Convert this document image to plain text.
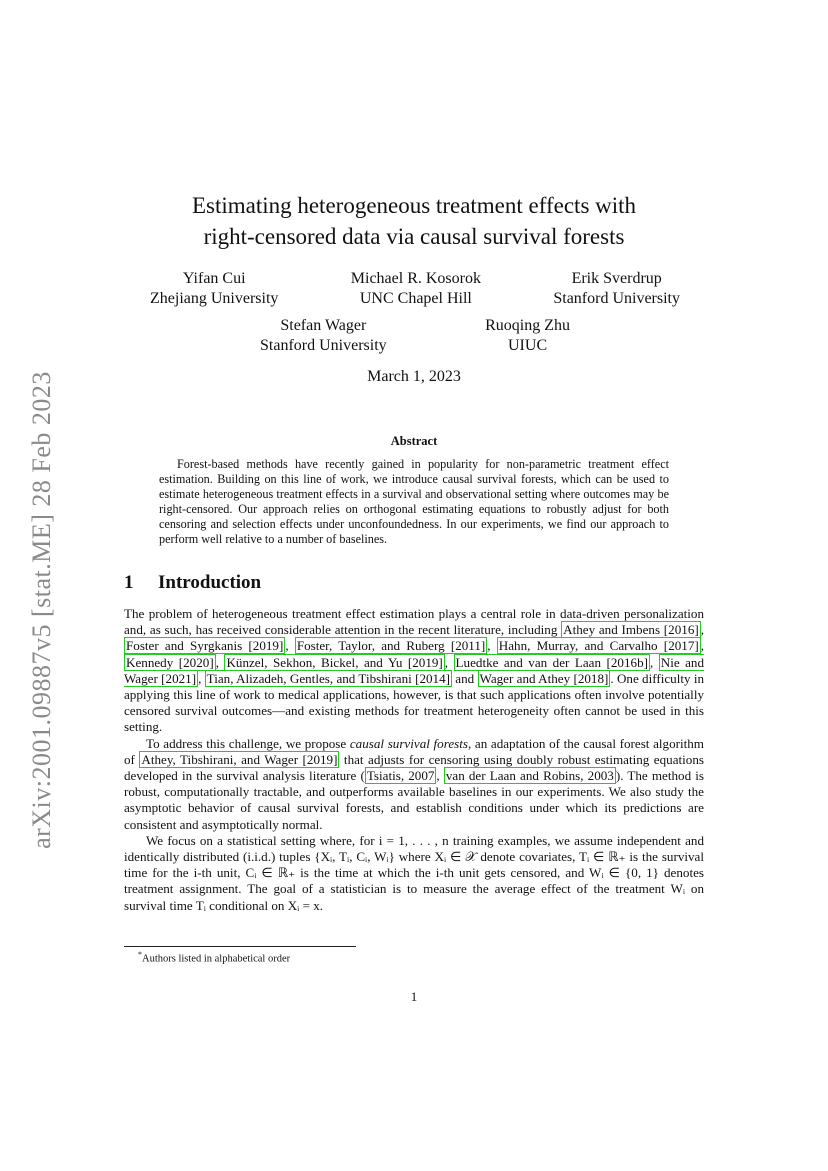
arXiv:2001.09887v5 [stat.ME] 28 Feb 2023
Estimating heterogeneous treatment effects with
right-censored data via causal survival forests
Yifan Cui
Zhejiang University
Michael R. Kosorok
UNC Chapel Hill
Erik Sverdrup
Stanford University
Stefan Wager
Stanford University
Ruoqing Zhu
UIUC
March 1, 2023
Abstract
Forest-based methods have recently gained in popularity for non-parametric treatment effect estimation. Building on this line of work, we introduce causal survival forests, which can be used to estimate heterogeneous treatment effects in a survival and observational setting where outcomes may be right-censored. Our approach relies on orthogonal estimating equations to robustly adjust for both censoring and selection effects under unconfoundedness. In our experiments, we find our approach to perform well relative to a number of baselines.
1 Introduction

The problem of heterogeneous treatment effect estimation plays a central role in data-driven personalization and, as such, has received considerable attention in the recent literature, including Athey and Imbens [2016] , Foster and Syrgkanis [2019] , Foster, Taylor, and Ruberg [2011] , Hahn, Murray, and Carvalho [2017] , Kennedy [2020] , Künzel, Sekhon, Bickel, and Yu [2019] , Luedtke and van der Laan [2016b] , Nie and Wager [2021] , Tian, Alizadeh, Gentles, and Tibshirani [2014] and Wager and Athey [2018] . One difficulty in applying this line of work to medical applications, however, is that such applications often involve potentially censored survival outcomes—and existing methods for treatment heterogeneity often cannot be used in this setting.

To address this challenge, we propose causal survival forests, an adaptation of the causal forest algorithm of Athey, Tibshirani, and Wager [2019] that adjusts for censoring using doubly robust estimating equations developed in the survival analysis literature ( Tsiatis, 2007 , van der Laan and Robins, 2003 ). The method is robust, computationally tractable, and outperforms available baselines in our experiments. We also study the asymptotic behavior of causal survival forests, and establish conditions under which its predictions are consistent and asymptotically normal.

We focus on a statistical setting where, for i = 1, . . . , n training examples, we assume independent and identically distributed (i.i.d.) tuples {Xᵢ, Tᵢ, Cᵢ, Wᵢ} where Xᵢ ∈ 𝒳 denote covariates, Tᵢ ∈ ℝ₊ is the survival time for the i-th unit, Cᵢ ∈ ℝ₊ is the time at which the i-th unit gets censored, and Wᵢ ∈ {0, 1} denotes treatment assignment. The goal of a statistician is to measure the average effect of the treatment Wᵢ on survival time Tᵢ conditional on Xᵢ = x.

*Authors listed in alphabetical order
1
